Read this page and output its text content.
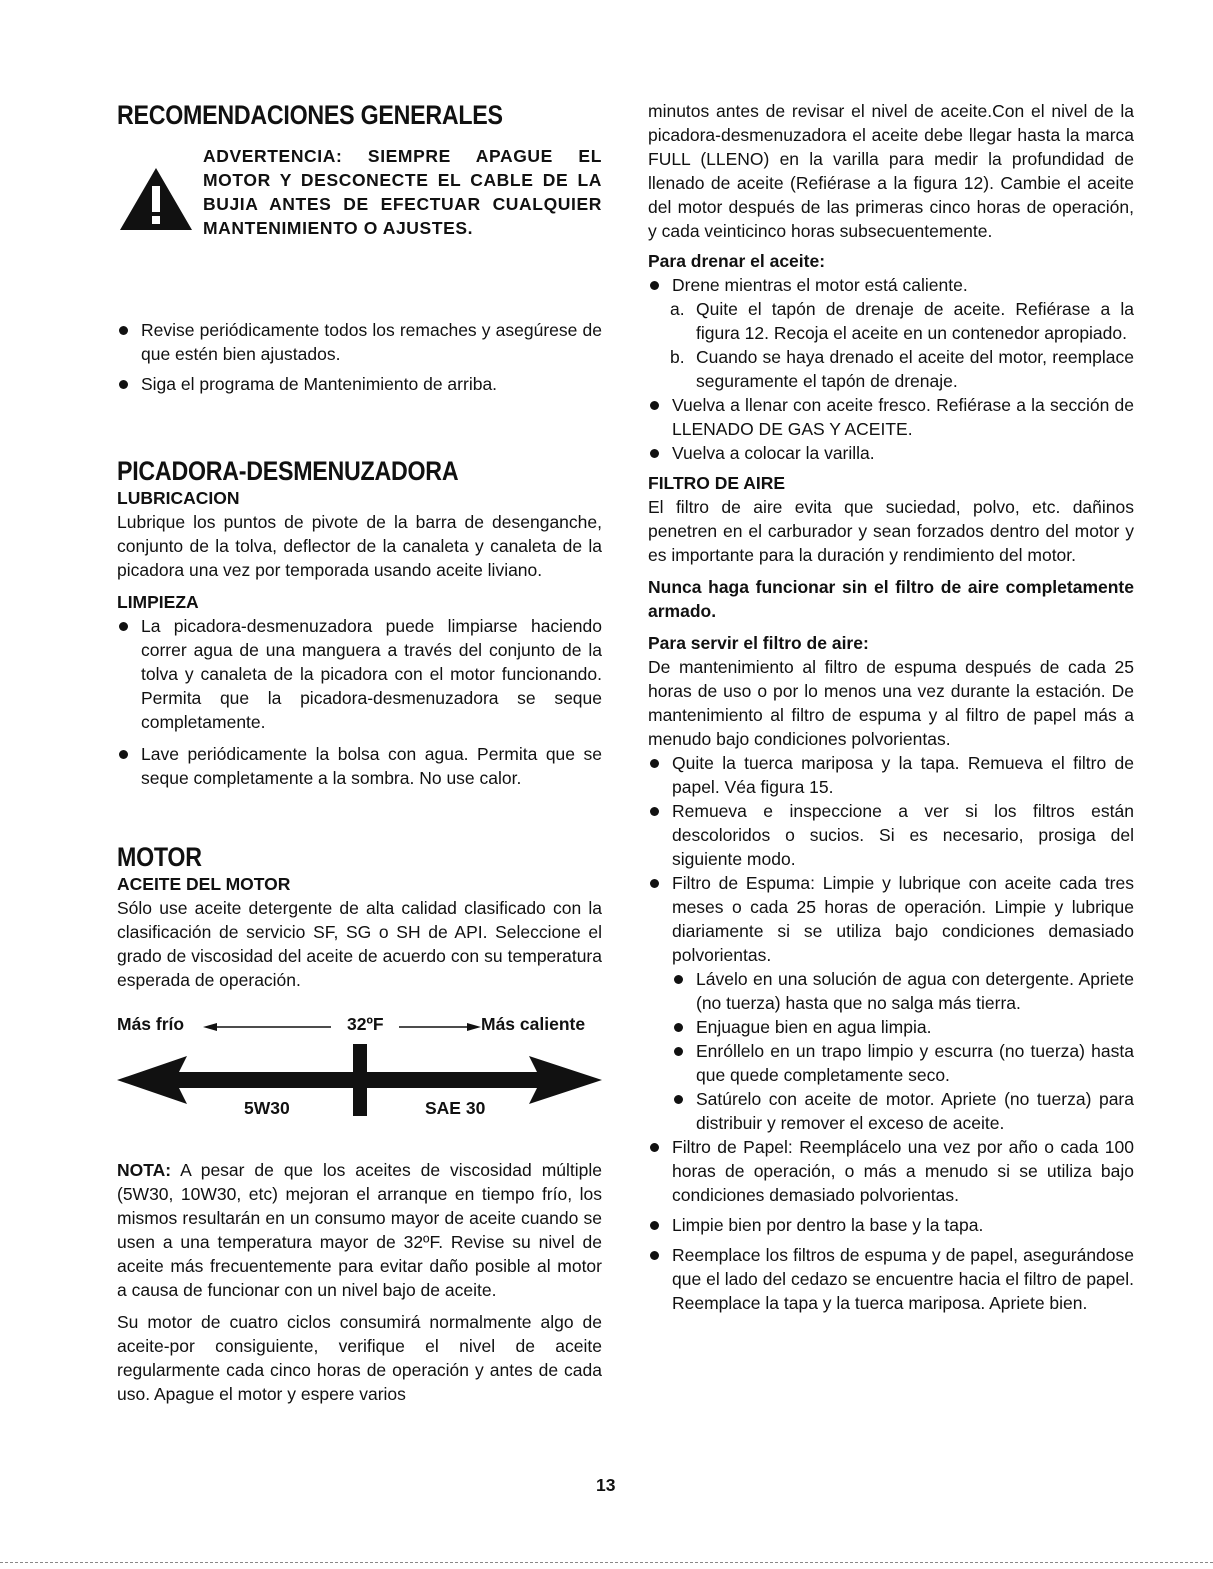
RECOMENDACIONES GENERALES
ADVERTENCIA: SIEMPRE APAGUE EL MOTOR Y DESCONECTE EL CABLE DE LA BUJIA ANTES DE EFECTUAR CUALQUIER MANTENIMIENTO O AJUSTES.
Revise periódicamente todos los remaches y asegúrese de que estén bien ajustados.
Siga el programa de Mantenimiento de arriba.
PICADORA-DESMENUZADORA
LUBRICACION

Lubrique los puntos de pivote de la barra de desenganche, conjunto de la tolva, deflector de la canaleta y canaleta de la picadora una vez por temporada usando aceite liviano.

LIMPIEZA
La picadora-desmenuzadora puede limpiarse haciendo correr agua de una manguera a través del conjunto de la tolva y canaleta de la picadora con el motor funcionando. Permita que la picadora-desmenuzadora se seque completamente.
Lave periódicamente la bolsa con agua. Permita que se seque completamente a la sombra. No use calor.
MOTOR
ACEITE DEL MOTOR

Sólo use aceite detergente de alta calidad clasificado con la clasificación de servicio SF, SG o SH de API. Seleccione el grado de viscosidad del aceite de acuerdo con su temperatura esperada de operación.

Más frío	32ºF	Más caliente
5W30	SAE 30

NOTA: A pesar de que los aceites de viscosidad múltiple (5W30, 10W30, etc) mejoran el arranque en tiempo frío, los mismos resultarán en un consumo mayor de aceite cuando se usen a una temperatura mayor de 32ºF. Revise su nivel de aceite más frecuentemente para evitar daño posible al motor a causa de funcionar con un nivel bajo de aceite.

Su motor de cuatro ciclos consumirá normalmente algo de aceite-por consiguiente, verifique el nivel de aceite regularmente cada cinco horas de operación y antes de cada uso. Apague el motor y espere varios

minutos antes de revisar el nivel de aceite.Con el nivel de la picadora-desmenuzadora el aceite debe llegar hasta la marca FULL (LLENO) en la varilla para medir la profundidad de llenado de aceite (Refiérase a la figura 12). Cambie el aceite del motor después de las primeras cinco horas de operación, y cada veinticinco horas subsecuentemente.

Para drenar el aceite:
Drene mientras el motor está caliente.
a. Quite el tapón de drenaje de aceite. Refiérase a la figura 12. Recoja el aceite en un contenedor apropiado.
b. Cuando se haya drenado el aceite del motor, reemplace seguramente el tapón de drenaje.
Vuelva a llenar con aceite fresco. Refiérase a la sección de LLENADO DE GAS Y ACEITE.
Vuelva a colocar la varilla.
FILTRO DE AIRE

El filtro de aire evita que suciedad, polvo, etc. dañinos penetren en el carburador y sean forzados dentro del motor y es importante para la duración y rendimiento del motor.

Nunca haga funcionar sin el filtro de aire completamente armado.

Para servir el filtro de aire:

De mantenimiento al filtro de espuma después de cada 25 horas de uso o por lo menos una vez durante la estación. De mantenimiento al filtro de espuma y al filtro de papel más a menudo bajo condiciones polvorientas.

Quite la tuerca mariposa y la tapa. Remueva el filtro de papel. Véa figura 15.
Remueva e inspeccione a ver si los filtros están descoloridos o sucios. Si es necesario, prosiga del siguiente modo.
Filtro de Espuma: Limpie y lubrique con aceite cada tres meses o cada 25 horas de operación. Limpie y lubrique diariamente si se utiliza bajo condiciones demasiado polvorientas.
Lávelo en una solución de agua con detergente. Apriete (no tuerza) hasta que no salga más tierra.
Enjuague bien en agua limpia.
Enróllelo en un trapo limpio y escurra (no tuerza) hasta que quede completamente seco.
Satúrelo con aceite de motor. Apriete (no tuerza) para distribuir y remover el exceso de aceite.
Filtro de Papel: Reemplácelo una vez por año o cada 100 horas de operación, o más a menudo si se utiliza bajo condiciones demasiado polvorientas.
Limpie bien por dentro la base y la tapa.
Reemplace los filtros de espuma y de papel, asegurándose que el lado del cedazo se encuentre hacia el filtro de papel. Reemplace la tapa y la tuerca mariposa. Apriete bien.
13
